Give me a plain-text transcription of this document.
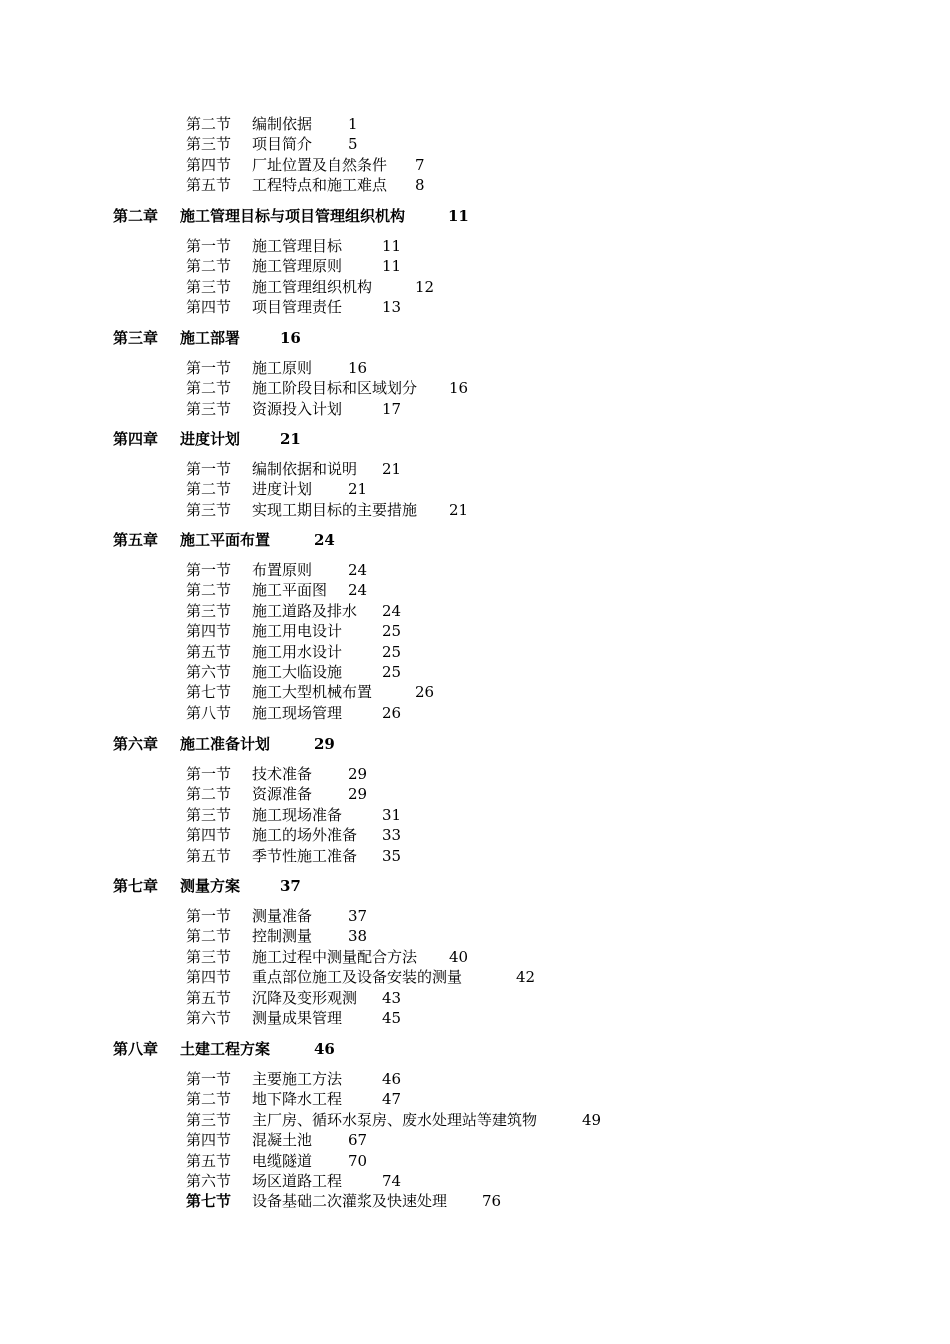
第二节 编制依据 1
第三节 项目简介 5
第四节 厂址位置及自然条件 7
第五节 工程特点和施工难点 8
第二章 施工管理目标与项目管理组织机构	11
第一节 施工管理目标	11
第二节 施工管理原则	11
第三节 施工管理组织机构	12
第四节 项目管理责任	13
第三章 施工部署	16
第一节 施工原则 16
第二节 施工阶段目标和区域划分 16
第三节 资源投入计划	17
第四章 进度计划	21
第一节 编制依据和说明 21
第二节 进度计划 21
第三节 实现工期目标的主要措施 21
第五章 施工平面布置	24
第一节 布置原则 24
第二节 施工平面图 24
第三节 施工道路及排水 24
第四节 施工用电设计	25
第五节 施工用水设计	25
第六节 施工大临设施	25
第七节 施工大型机械布置	26
第八节 施工现场管理	26
第六章 施工准备计划	29
第一节 技术准备 29
第二节 资源准备 29
第三节 施工现场准备	31
第四节 施工的场外准备 33
第五节 季节性施工准备 35
第七章 测量方案	37
第一节 测量准备 37
第二节 控制测量 38
第三节 施工过程中测量配合方法 40
第四节 重点部位施工及设备安装的测量	42
第五节 沉降及变形观测 43
第六节 测量成果管理	45
第八章 土建工程方案	46
第一节 主要施工方法	46
第二节 地下降水工程	47
第三节 主厂房、循环水泵房、废水处理站等建筑物	49
第四节 混凝土池 67
第五节 电缆隧道 70
第六节 场区道路工程	74
第七节 设备基础二次灌浆及快速处理 76
